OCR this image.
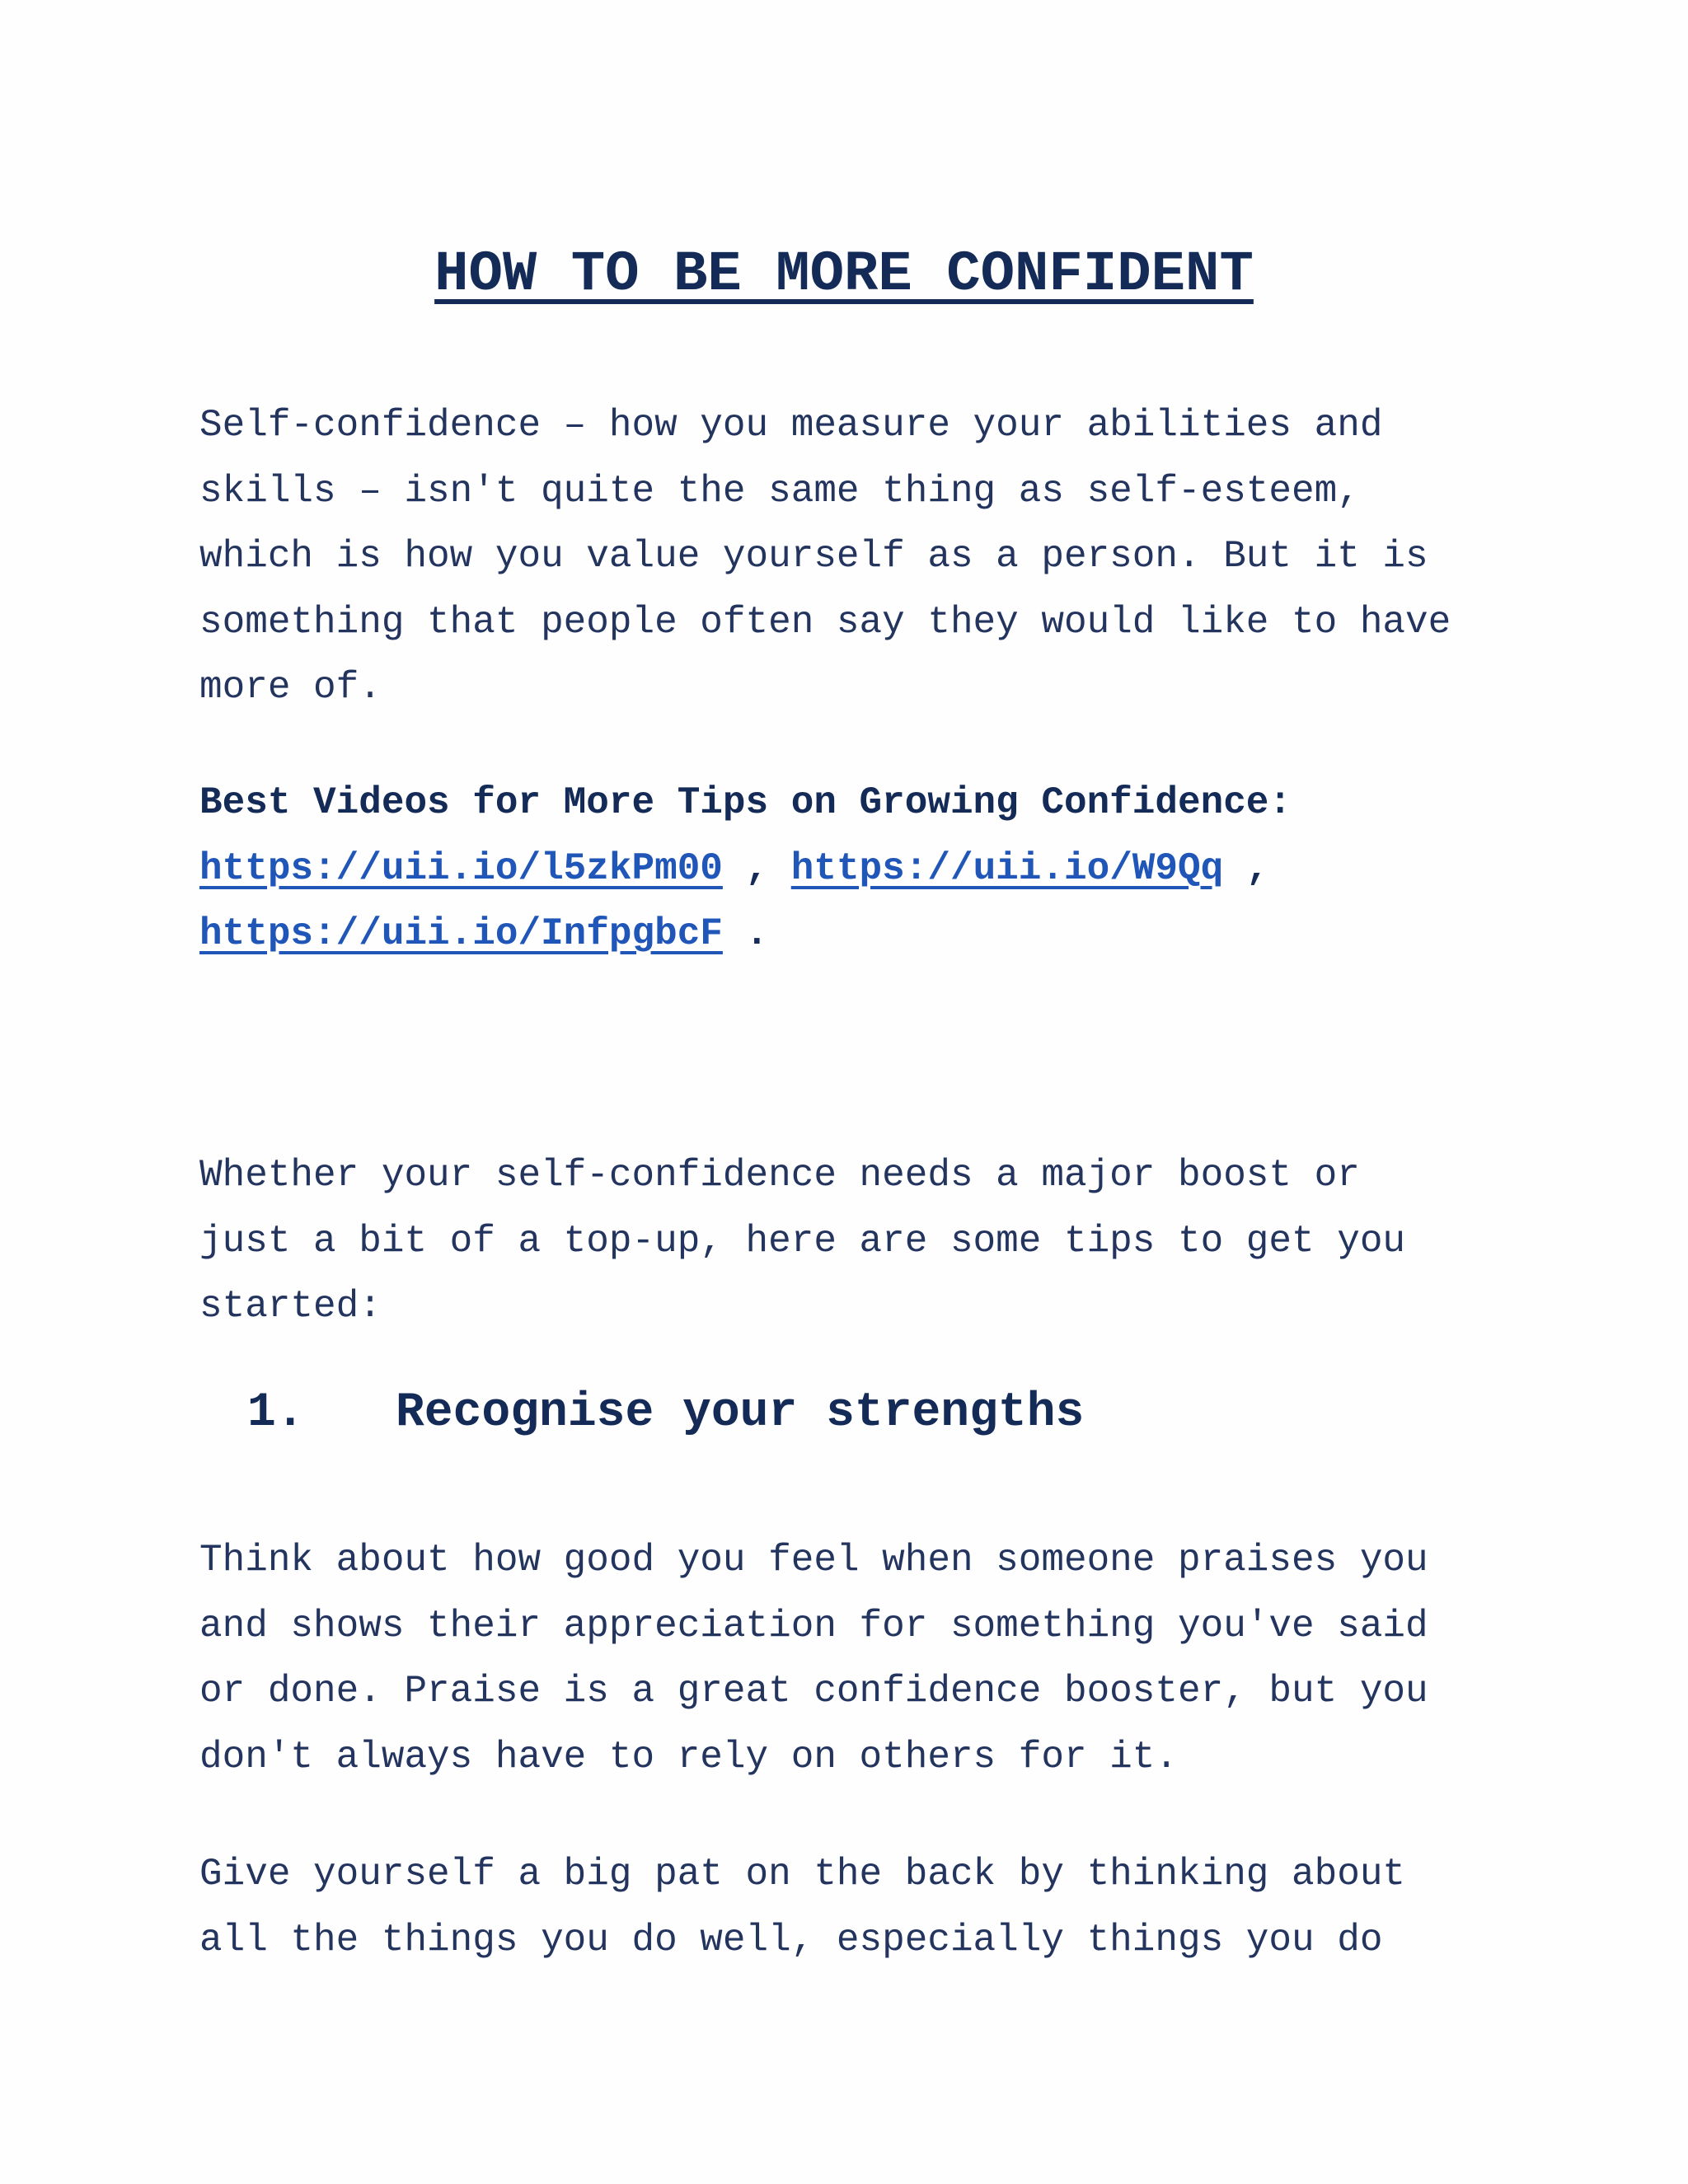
HOW TO BE MORE CONFIDENT

Self-confidence – how you measure your abilities and
skills – isn't quite the same thing as self-esteem,
which is how you value yourself as a person. But it is
something that people often say they would like to have
more of.

Best Videos for More Tips on Growing Confidence:
https://uii.io/l5zkPm00 , https://uii.io/W9Qq ,
https://uii.io/InfpgbcF .

Whether your self-confidence needs a major boost or
just a bit of a top-up, here are some tips to get you
started:

1. Recognise your strengths

Think about how good you feel when someone praises you
and shows their appreciation for something you've said
or done. Praise is a great confidence booster, but you
don't always have to rely on others for it.

Give yourself a big pat on the back by thinking about
all the things you do well, especially things you do
